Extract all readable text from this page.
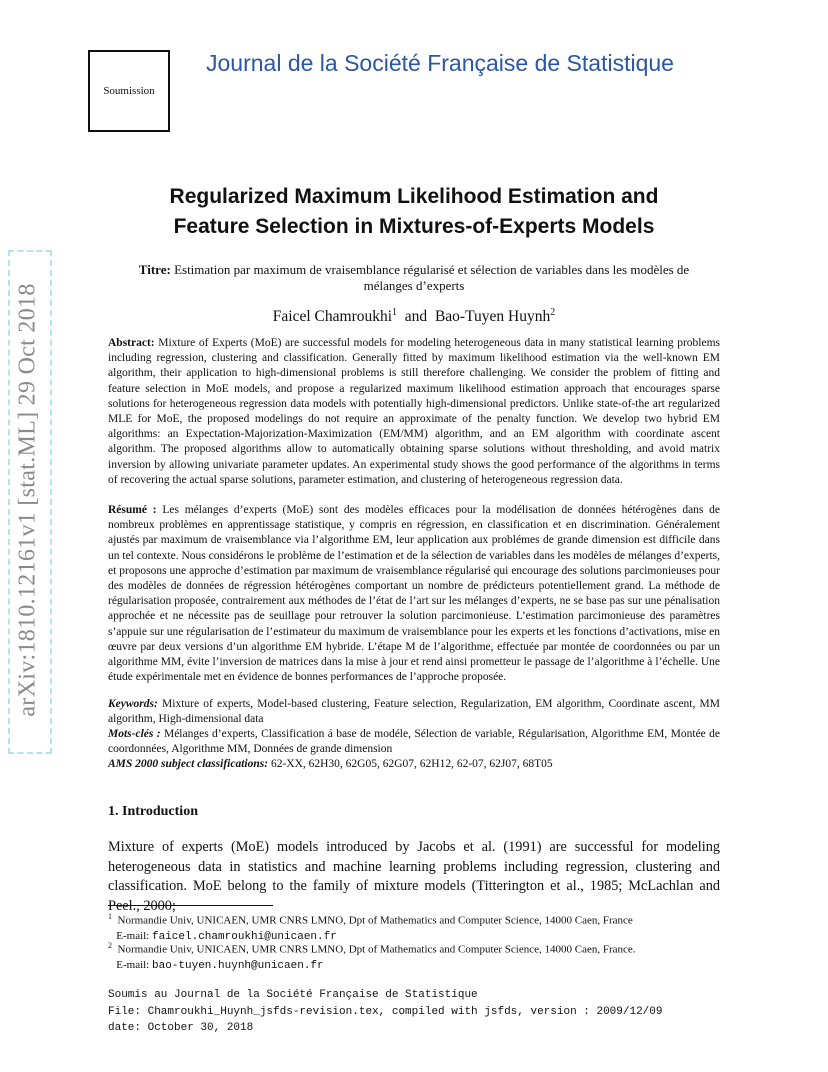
arXiv:1810.12161v1 [stat.ML] 29 Oct 2018
Soumission
Journal de la Société Française de Statistique
Regularized Maximum Likelihood Estimation and
Feature Selection in Mixtures-of-Experts Models
Titre: Estimation par maximum de vraisemblance régularisé et sélection de variables dans les modèles de mélanges d’experts
Faicel Chamroukhi$^1$ and Bao-Tuyen Huynh$^2$
Abstract: Mixture of Experts (MoE) are successful models for modeling heterogeneous data in many statistical learning problems including regression, clustering and classification. Generally fitted by maximum likelihood estimation via the well-known EM algorithm, their application to high-dimensional problems is still therefore challenging. We consider the problem of fitting and feature selection in MoE models, and propose a regularized maximum likelihood estimation approach that encourages sparse solutions for heterogeneous regression data models with potentially high-dimensional predictors. Unlike state-of-the art regularized MLE for MoE, the proposed modelings do not require an approximate of the penalty function. We develop two hybrid EM algorithms: an Expectation-Majorization-Maximization (EM/MM) algorithm, and an EM algorithm with coordinate ascent algorithm. The proposed algorithms allow to automatically obtaining sparse solutions without thresholding, and avoid matrix inversion by allowing univariate parameter updates. An experimental study shows the good performance of the algorithms in terms of recovering the actual sparse solutions, parameter estimation, and clustering of heterogeneous regression data.
Résumé : Les mélanges d’experts (MoE) sont des modèles efficaces pour la modélisation de données hétérogènes dans de nombreux problèmes en apprentissage statistique, y compris en régression, en classification et en discrimination. Généralement ajustés par maximum de vraisemblance via l’algorithme EM, leur application aux problémes de grande dimension est difficile dans un tel contexte. Nous considérons le problème de l’estimation et de la sélection de variables dans les modèles de mélanges d’experts, et proposons une approche d’estimation par maximum de vraisemblance régularisé qui encourage des solutions parcimonieuses pour des modèles de données de régression hétérogènes comportant un nombre de prédicteurs potentiellement grand. La méthode de régularisation proposée, contrairement aux méthodes de l’état de l’art sur les mélanges d’experts, ne se base pas sur une pénalisation approchée et ne nécessite pas de seuillage pour retrouver la solution parcimonieuse. L’estimation parcimonieuse des paramètres s’appuie sur une régularisation de l’estimateur du maximum de vraisemblance pour les experts et les fonctions d’activations, mise en œuvre par deux versions d’un algorithme EM hybride. L’étape M de l’algorithme, effectuée par montée de coordonnées ou par un algorithme MM, évite l’inversion de matrices dans la mise à jour et rend ainsi prometteur le passage de l’algorithme à l’échelle. Une étude expérimentale met en évidence de bonnes performances de l’approche proposée.
Keywords: Mixture of experts, Model-based clustering, Feature selection, Regularization, EM algorithm, Coordinate ascent, MM algorithm, High-dimensional data
Mots-clés : Mélanges d’experts, Classification á base de modéle, Sélection de variable, Régularisation, Algorithme EM, Montée de coordonnées, Algorithme MM, Données de grande dimension
AMS 2000 subject classifications: 62-XX, 62H30, 62G05, 62G07, 62H12, 62-07, 62J07, 68T05
1. Introduction
Mixture of experts (MoE) models introduced by Jacobs et al. (1991) are successful for modeling heterogeneous data in statistics and machine learning problems including regression, clustering and classification. MoE belong to the family of mixture models (Titterington et al., 1985; McLachlan and Peel., 2000;
$^1$ Normandie Univ, UNICAEN, UMR CNRS LMNO, Dpt of Mathematics and Computer Science, 14000 Caen, France
E-mail: faicel.chamroukhi@unicaen.fr
$^2$ Normandie Univ, UNICAEN, UMR CNRS LMNO, Dpt of Mathematics and Computer Science, 14000 Caen, France.
E-mail: bao-tuyen.huynh@unicaen.fr
Soumis au Journal de la Société Française de Statistique
File: Chamroukhi_Huynh_jsfds-revision.tex, compiled with jsfds, version : 2009/12/09
date: October 30, 2018
